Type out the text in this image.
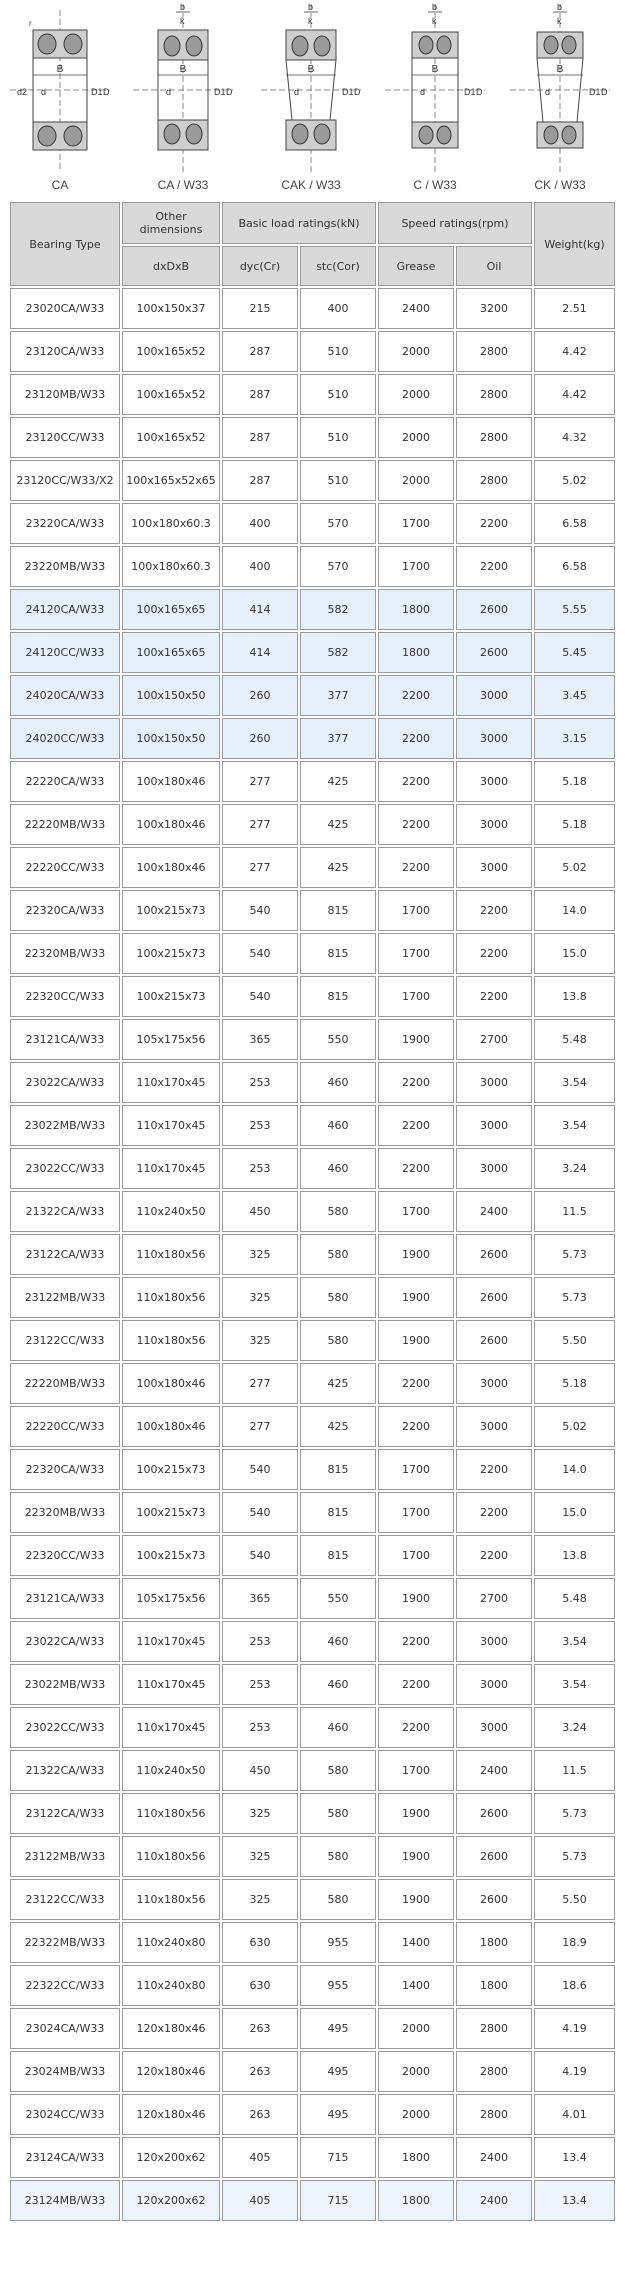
B
d2 d	D1 D
r
CA
b
k
B
d	D1 D
CA / W33
b
k
B
d	D1 D
CAK / W33
b
k
B
d	D1 D
C / W33
b
k
B
d	D1 D
CK / W33
Bearing Type	Other dimensions	Basic load ratings(kN)		Speed ratings(rpm)		Weight(kg)
	dxDxB	dyc(Cr)	stc(Cor)	Grease	Oil	
23020CA/W33	100x150x37	215	400	2400	3200	2.51
23120CA/W33	100x165x52	287	510	2000	2800	4.42
23120MB/W33	100x165x52	287	510	2000	2800	4.42
23120CC/W33	100x165x52	287	510	2000	2800	4.32
23120CC/W33/X2	100x165x52x65	287	510	2000	2800	5.02
23220CA/W33	100x180x60.3	400	570	1700	2200	6.58
23220MB/W33	100x180x60.3	400	570	1700	2200	6.58
24120CA/W33	100x165x65	414	582	1800	2600	5.55
24120CC/W33	100x165x65	414	582	1800	2600	5.45
24020CA/W33	100x150x50	260	377	2200	3000	3.45
24020CC/W33	100x150x50	260	377	2200	3000	3.15
22220CA/W33	100x180x46	277	425	2200	3000	5.18
22220MB/W33	100x180x46	277	425	2200	3000	5.18
22220CC/W33	100x180x46	277	425	2200	3000	5.02
22320CA/W33	100x215x73	540	815	1700	2200	14.0
22320MB/W33	100x215x73	540	815	1700	2200	15.0
22320CC/W33	100x215x73	540	815	1700	2200	13.8
23121CA/W33	105x175x56	365	550	1900	2700	5.48
23022CA/W33	110x170x45	253	460	2200	3000	3.54
23022MB/W33	110x170x45	253	460	2200	3000	3.54
23022CC/W33	110x170x45	253	460	2200	3000	3.24
21322CA/W33	110x240x50	450	580	1700	2400	11.5
23122CA/W33	110x180x56	325	580	1900	2600	5.73
23122MB/W33	110x180x56	325	580	1900	2600	5.73
23122CC/W33	110x180x56	325	580	1900	2600	5.50
22220MB/W33	100x180x46	277	425	2200	3000	5.18
22220CC/W33	100x180x46	277	425	2200	3000	5.02
22320CA/W33	100x215x73	540	815	1700	2200	14.0
22320MB/W33	100x215x73	540	815	1700	2200	15.0
22320CC/W33	100x215x73	540	815	1700	2200	13.8
23121CA/W33	105x175x56	365	550	1900	2700	5.48
23022CA/W33	110x170x45	253	460	2200	3000	3.54
23022MB/W33	110x170x45	253	460	2200	3000	3.54
23022CC/W33	110x170x45	253	460	2200	3000	3.24
21322CA/W33	110x240x50	450	580	1700	2400	11.5
23122CA/W33	110x180x56	325	580	1900	2600	5.73
23122MB/W33	110x180x56	325	580	1900	2600	5.73
23122CC/W33	110x180x56	325	580	1900	2600	5.50
22322MB/W33	110x240x80	630	955	1400	1800	18.9
22322CC/W33	110x240x80	630	955	1400	1800	18.6
23024CA/W33	120x180x46	263	495	2000	2800	4.19
23024MB/W33	120x180x46	263	495	2000	2800	4.19
23024CC/W33	120x180x46	263	495	2000	2800	4.01
23124CA/W33	120x200x62	405	715	1800	2400	13.4
23124MB/W33	120x200x62	405	715	1800	2400	13.4
